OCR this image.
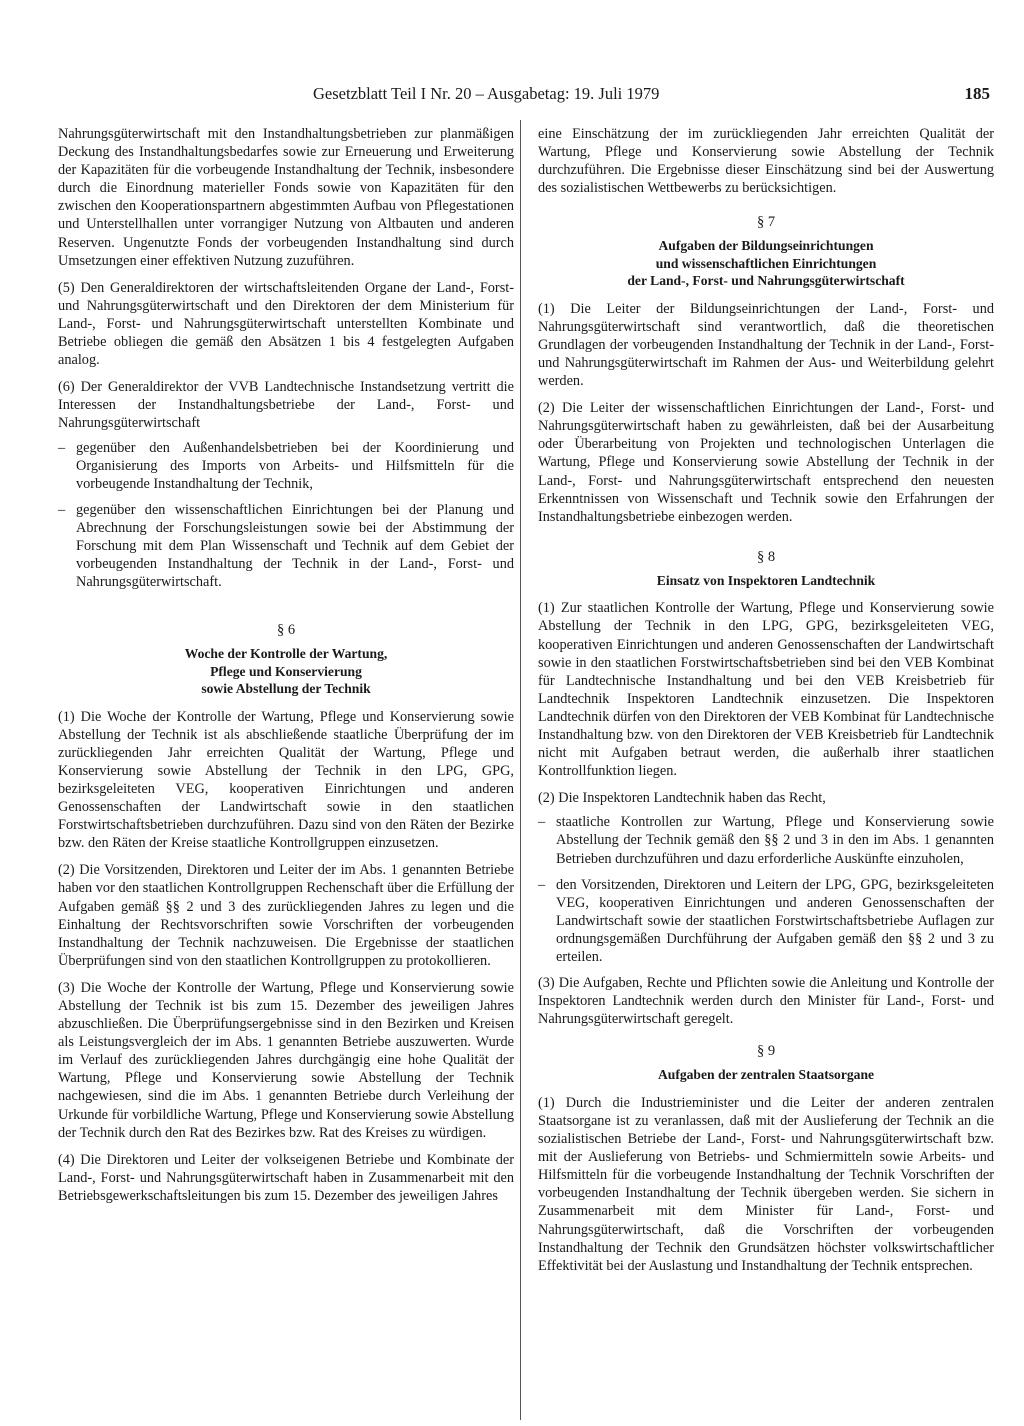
Gesetzblatt Teil I Nr. 20 – Ausgabetag: 19. Juli 1979	185

Nahrungsgüterwirtschaft mit den Instandhaltungsbetrieben zur planmäßigen Deckung des Instandhaltungsbedarfes sowie zur Erneuerung und Erweiterung der Kapazitäten für die vorbeugende Instandhaltung der Technik, insbesondere durch die Einordnung materieller Fonds sowie von Kapazitäten für den zwischen den Kooperationspartnern abgestimmten Aufbau von Pflegestationen und Unterstellhallen unter vorrangiger Nutzung von Altbauten und anderen Reserven. Ungenutzte Fonds der vorbeugenden Instandhaltung sind durch Umsetzungen einer effektiven Nutzung zuzuführen.

(5) Den Generaldirektoren der wirtschaftsleitenden Organe der Land-, Forst- und Nahrungsgüterwirtschaft und den Direktoren der dem Ministerium für Land-, Forst- und Nahrungsgüterwirtschaft unterstellten Kombinate und Betriebe obliegen die gemäß den Absätzen 1 bis 4 festgelegten Aufgaben analog.

(6) Der Generaldirektor der VVB Landtechnische Instandsetzung vertritt die Interessen der Instandhaltungsbetriebe der Land-, Forst- und Nahrungsgüterwirtschaft

– gegenüber den Außenhandelsbetrieben bei der Koordinierung und Organisierung des Imports von Arbeits- und Hilfsmitteln für die vorbeugende Instandhaltung der Technik,
– gegenüber den wissenschaftlichen Einrichtungen bei der Planung und Abrechnung der Forschungsleistungen sowie bei der Abstimmung der Forschung mit dem Plan Wissenschaft und Technik auf dem Gebiet der vorbeugenden Instandhaltung der Technik in der Land-, Forst- und Nahrungsgüterwirtschaft.
§ 6
Woche der Kontrolle der Wartung,
Pflege und Konservierung
sowie Abstellung der Technik

(1) Die Woche der Kontrolle der Wartung, Pflege und Konservierung sowie Abstellung der Technik ist als abschließende staatliche Überprüfung der im zurückliegenden Jahr erreichten Qualität der Wartung, Pflege und Konservierung sowie Abstellung der Technik in den LPG, GPG, bezirksgeleiteten VEG, kooperativen Einrichtungen und anderen Genossenschaften der Landwirtschaft sowie in den staatlichen Forstwirtschaftsbetrieben durchzuführen. Dazu sind von den Räten der Bezirke bzw. den Räten der Kreise staatliche Kontrollgruppen einzusetzen.

(2) Die Vorsitzenden, Direktoren und Leiter der im Abs. 1 genannten Betriebe haben vor den staatlichen Kontrollgruppen Rechenschaft über die Erfüllung der Aufgaben gemäß §§ 2 und 3 des zurückliegenden Jahres zu legen und die Einhaltung der Rechtsvorschriften sowie Vorschriften der vorbeugenden Instandhaltung der Technik nachzuweisen. Die Ergebnisse der staatlichen Überprüfungen sind von den staatlichen Kontrollgruppen zu protokollieren.

(3) Die Woche der Kontrolle der Wartung, Pflege und Konservierung sowie Abstellung der Technik ist bis zum 15. Dezember des jeweiligen Jahres abzuschließen. Die Überprüfungsergebnisse sind in den Bezirken und Kreisen als Leistungsvergleich der im Abs. 1 genannten Betriebe auszuwerten. Wurde im Verlauf des zurückliegenden Jahres durchgängig eine hohe Qualität der Wartung, Pflege und Konservierung sowie Abstellung der Technik nachgewiesen, sind die im Abs. 1 genannten Betriebe durch Verleihung der Urkunde für vorbildliche Wartung, Pflege und Konservierung sowie Abstellung der Technik durch den Rat des Bezirkes bzw. Rat des Kreises zu würdigen.

(4) Die Direktoren und Leiter der volkseigenen Betriebe und Kombinate der Land-, Forst- und Nahrungsgüterwirtschaft haben in Zusammenarbeit mit den Betriebsgewerkschaftsleitungen bis zum 15. Dezember des jeweiligen Jahres

eine Einschätzung der im zurückliegenden Jahr erreichten Qualität der Wartung, Pflege und Konservierung sowie Abstellung der Technik durchzuführen. Die Ergebnisse dieser Einschätzung sind bei der Auswertung des sozialistischen Wettbewerbs zu berücksichtigen.

§ 7
Aufgaben der Bildungseinrichtungen
und wissenschaftlichen Einrichtungen
der Land-, Forst- und Nahrungsgüterwirtschaft

(1) Die Leiter der Bildungseinrichtungen der Land-, Forst- und Nahrungsgüterwirtschaft sind verantwortlich, daß die theoretischen Grundlagen der vorbeugenden Instandhaltung der Technik in der Land-, Forst- und Nahrungsgüterwirtschaft im Rahmen der Aus- und Weiterbildung gelehrt werden.

(2) Die Leiter der wissenschaftlichen Einrichtungen der Land-, Forst- und Nahrungsgüterwirtschaft haben zu gewährleisten, daß bei der Ausarbeitung oder Überarbeitung von Projekten und technologischen Unterlagen die Wartung, Pflege und Konservierung sowie Abstellung der Technik in der Land-, Forst- und Nahrungsgüterwirtschaft entsprechend den neuesten Erkenntnissen von Wissenschaft und Technik sowie den Erfahrungen der Instandhaltungsbetriebe einbezogen werden.

§ 8
Einsatz von Inspektoren Landtechnik

(1) Zur staatlichen Kontrolle der Wartung, Pflege und Konservierung sowie Abstellung der Technik in den LPG, GPG, bezirksgeleiteten VEG, kooperativen Einrichtungen und anderen Genossenschaften der Landwirtschaft sowie in den staatlichen Forstwirtschaftsbetrieben sind bei den VEB Kombinat für Landtechnische Instandhaltung und bei den VEB Kreisbetrieb für Landtechnik Inspektoren Landtechnik einzusetzen. Die Inspektoren Landtechnik dürfen von den Direktoren der VEB Kombinat für Landtechnische Instandhaltung bzw. von den Direktoren der VEB Kreisbetrieb für Landtechnik nicht mit Aufgaben betraut werden, die außerhalb ihrer staatlichen Kontrollfunktion liegen.

(2) Die Inspektoren Landtechnik haben das Recht,

– staatliche Kontrollen zur Wartung, Pflege und Konservierung sowie Abstellung der Technik gemäß den §§ 2 und 3 in den im Abs. 1 genannten Betrieben durchzuführen und dazu erforderliche Auskünfte einzuholen,
– den Vorsitzenden, Direktoren und Leitern der LPG, GPG, bezirksgeleiteten VEG, kooperativen Einrichtungen und anderen Genossenschaften der Landwirtschaft sowie der staatlichen Forstwirtschaftsbetriebe Auflagen zur ordnungsgemäßen Durchführung der Aufgaben gemäß den §§ 2 und 3 zu erteilen.

(3) Die Aufgaben, Rechte und Pflichten sowie die Anleitung und Kontrolle der Inspektoren Landtechnik werden durch den Minister für Land-, Forst- und Nahrungsgüterwirtschaft geregelt.

§ 9
Aufgaben der zentralen Staatsorgane

(1) Durch die Industrieminister und die Leiter der anderen zentralen Staatsorgane ist zu veranlassen, daß mit der Auslieferung der Technik an die sozialistischen Betriebe der Land-, Forst- und Nahrungsgüterwirtschaft bzw. mit der Auslieferung von Betriebs- und Schmiermitteln sowie Arbeits- und Hilfsmitteln für die vorbeugende Instandhaltung der Technik Vorschriften der vorbeugenden Instandhaltung der Technik übergeben werden. Sie sichern in Zusammenarbeit mit dem Minister für Land-, Forst- und Nahrungsgüterwirtschaft, daß die Vorschriften der vorbeugenden Instandhaltung der Technik den Grundsätzen höchster volkswirtschaftlicher Effektivität bei der Auslastung und Instandhaltung der Technik entsprechen.
